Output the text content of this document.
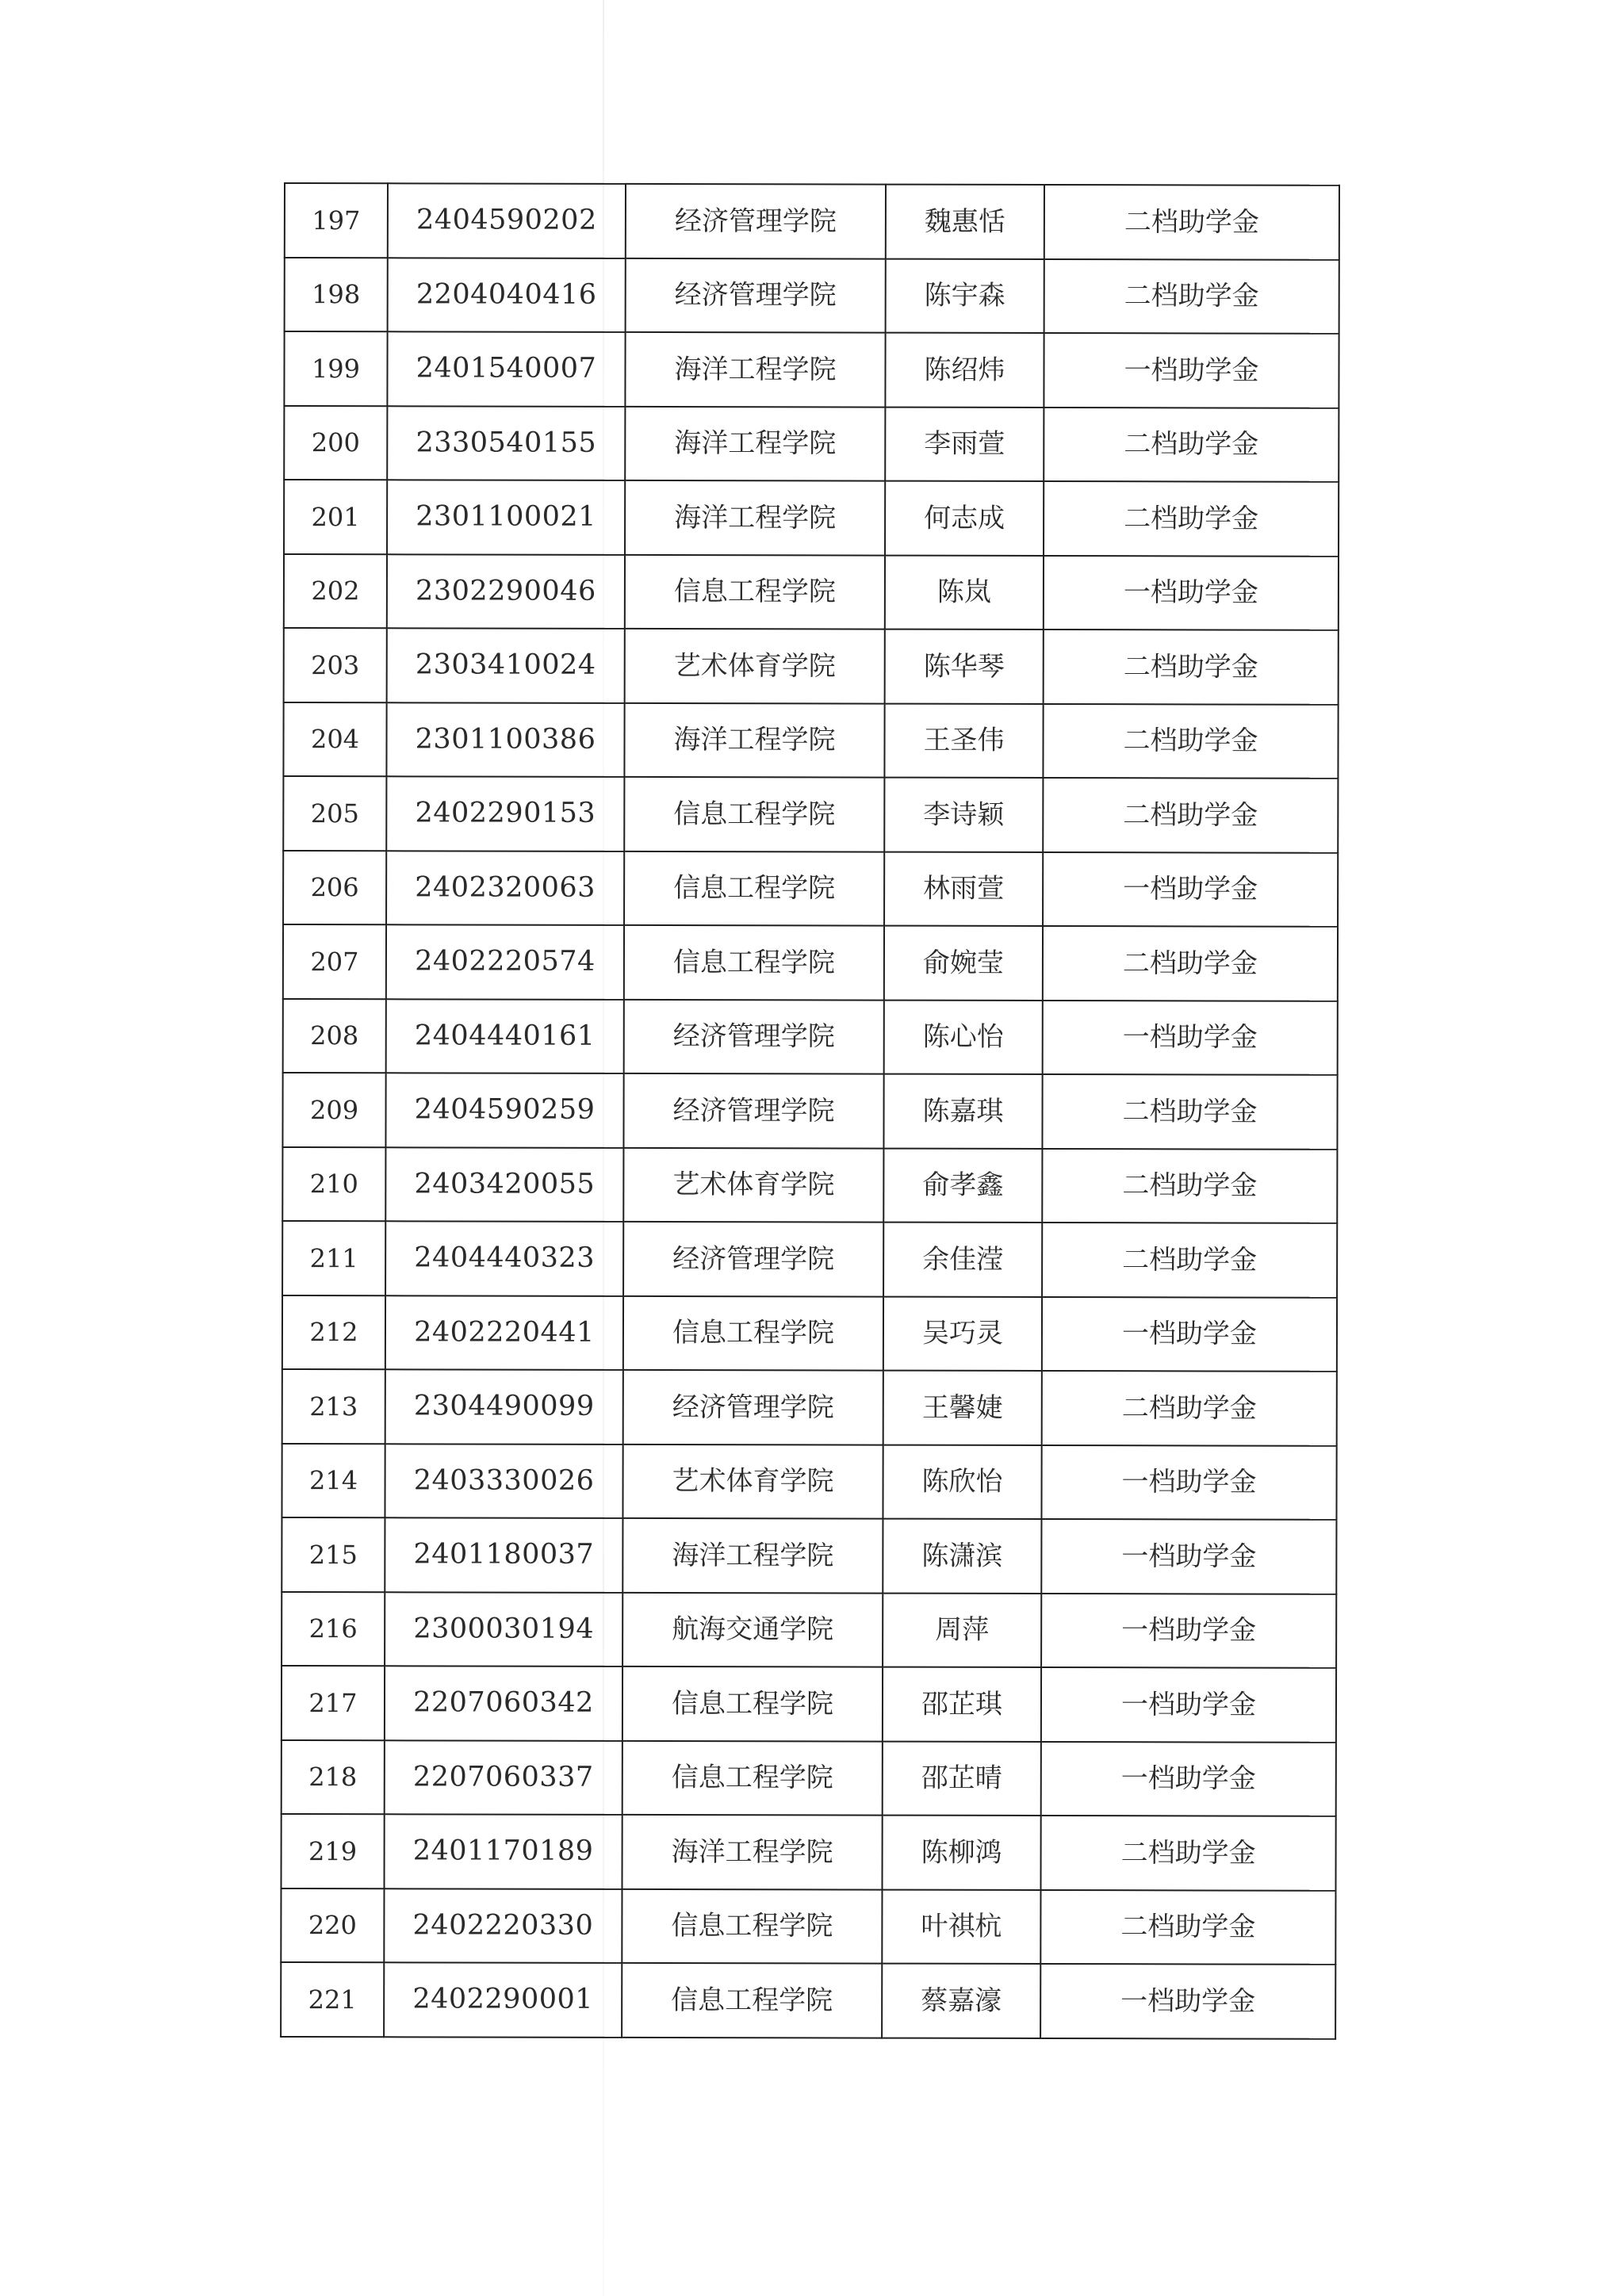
197	2404590202	经济管理学院	魏惠恬	二档助学金
198	2204040416	经济管理学院	陈宇森	二档助学金
199	2401540007	海洋工程学院	陈绍炜	一档助学金
200	2330540155	海洋工程学院	李雨萱	二档助学金
201	2301100021	海洋工程学院	何志成	二档助学金
202	2302290046	信息工程学院	陈岚	一档助学金
203	2303410024	艺术体育学院	陈华琴	二档助学金
204	2301100386	海洋工程学院	王圣伟	二档助学金
205	2402290153	信息工程学院	李诗颖	二档助学金
206	2402320063	信息工程学院	林雨萱	一档助学金
207	2402220574	信息工程学院	俞婉莹	二档助学金
208	2404440161	经济管理学院	陈心怡	一档助学金
209	2404590259	经济管理学院	陈嘉琪	二档助学金
210	2403420055	艺术体育学院	俞孝鑫	二档助学金
211	2404440323	经济管理学院	余佳滢	二档助学金
212	2402220441	信息工程学院	吴巧灵	一档助学金
213	2304490099	经济管理学院	王馨婕	二档助学金
214	2403330026	艺术体育学院	陈欣怡	一档助学金
215	2401180037	海洋工程学院	陈潇滨	一档助学金
216	2300030194	航海交通学院	周萍	一档助学金
217	2207060342	信息工程学院	邵芷琪	一档助学金
218	2207060337	信息工程学院	邵芷晴	一档助学金
219	2401170189	海洋工程学院	陈柳鸿	二档助学金
220	2402220330	信息工程学院	叶祺杭	二档助学金
221	2402290001	信息工程学院	蔡嘉濠	一档助学金
